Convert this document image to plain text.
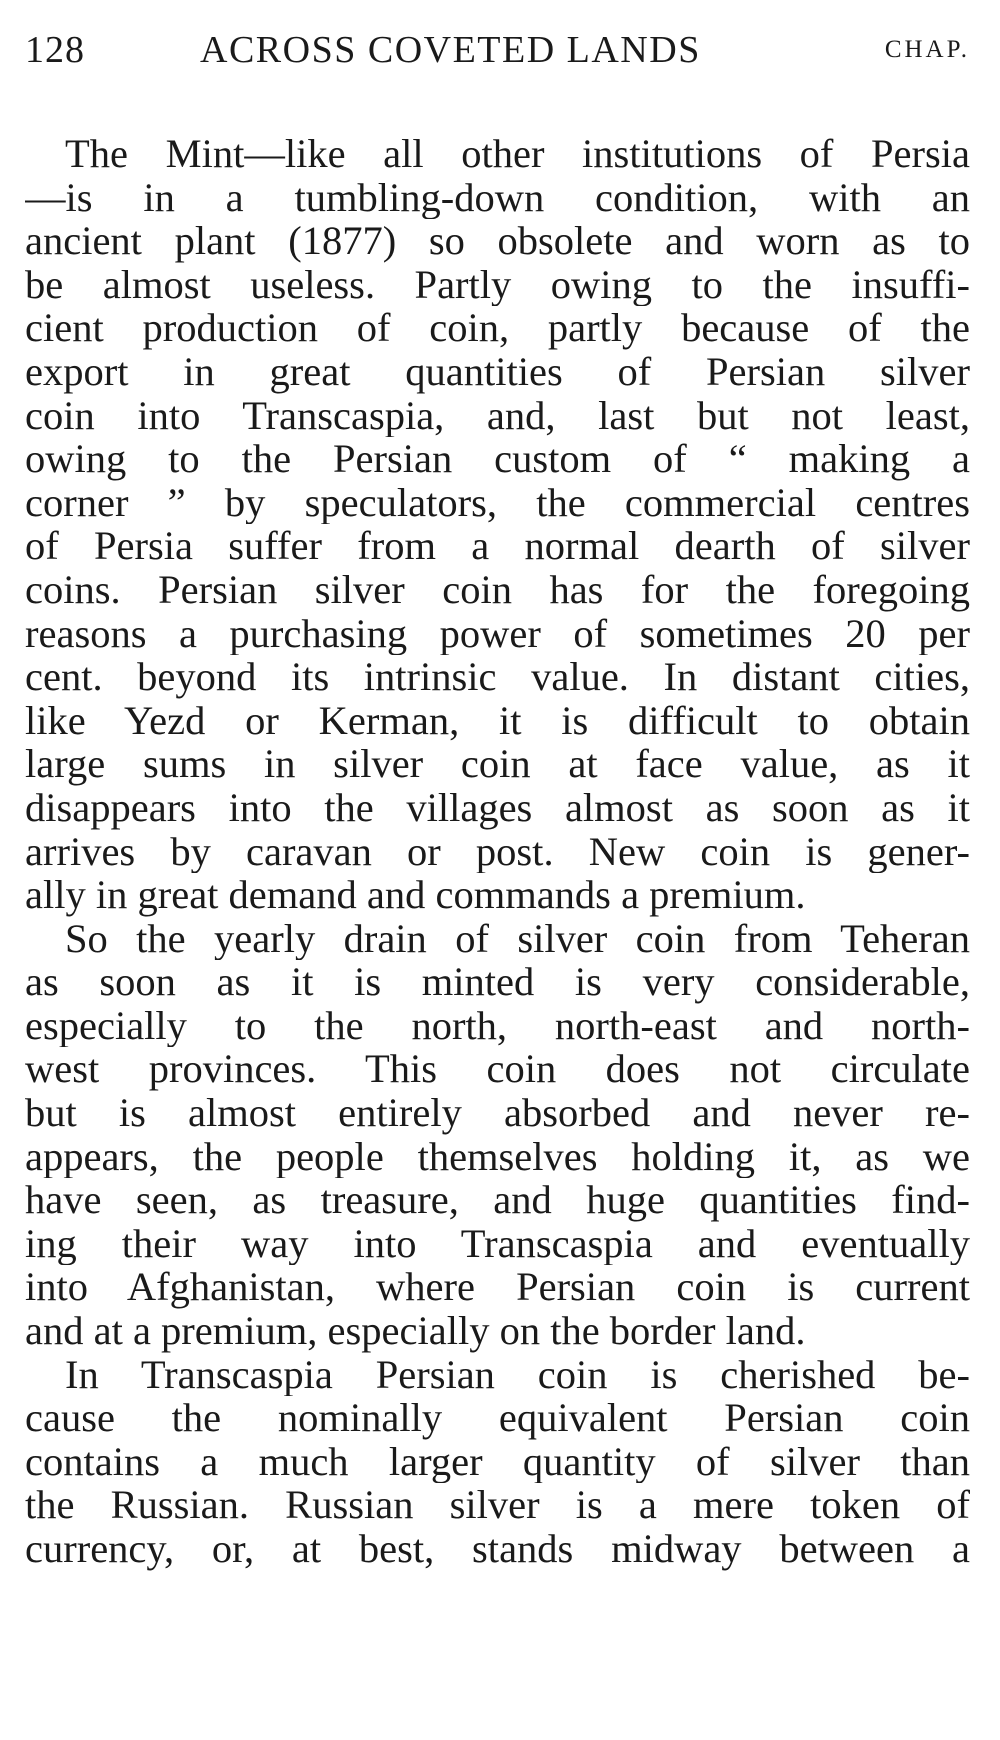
128	ACROSS COVETED LANDS	CHAP.
The Mint—like all other institutions of Persia
—is in a tumbling-down condition, with an
ancient plant (1877) so obsolete and worn as to
be almost useless. Partly owing to the insuffi-
cient production of coin, partly because of the
export in great quantities of Persian silver
coin into Transcaspia, and, last but not least,
owing to the Persian custom of “ making a
corner ” by speculators, the commercial centres
of Persia suffer from a normal dearth of silver
coins. Persian silver coin has for the foregoing
reasons a purchasing power of sometimes 20 per
cent. beyond its intrinsic value. In distant cities,
like Yezd or Kerman, it is difficult to obtain
large sums in silver coin at face value, as it
disappears into the villages almost as soon as it
arrives by caravan or post. New coin is gener-
ally in great demand and commands a premium.
So the yearly drain of silver coin from Teheran
as soon as it is minted is very considerable,
especially to the north, north-east and north-
west provinces. This coin does not circulate
but is almost entirely absorbed and never re-
appears, the people themselves holding it, as we
have seen, as treasure, and huge quantities find-
ing their way into Transcaspia and eventually
into Afghanistan, where Persian coin is current
and at a premium, especially on the border land.
In Transcaspia Persian coin is cherished be-
cause the nominally equivalent Persian coin
contains a much larger quantity of silver than
the Russian. Russian silver is a mere token of
currency, or, at best, stands midway between a
